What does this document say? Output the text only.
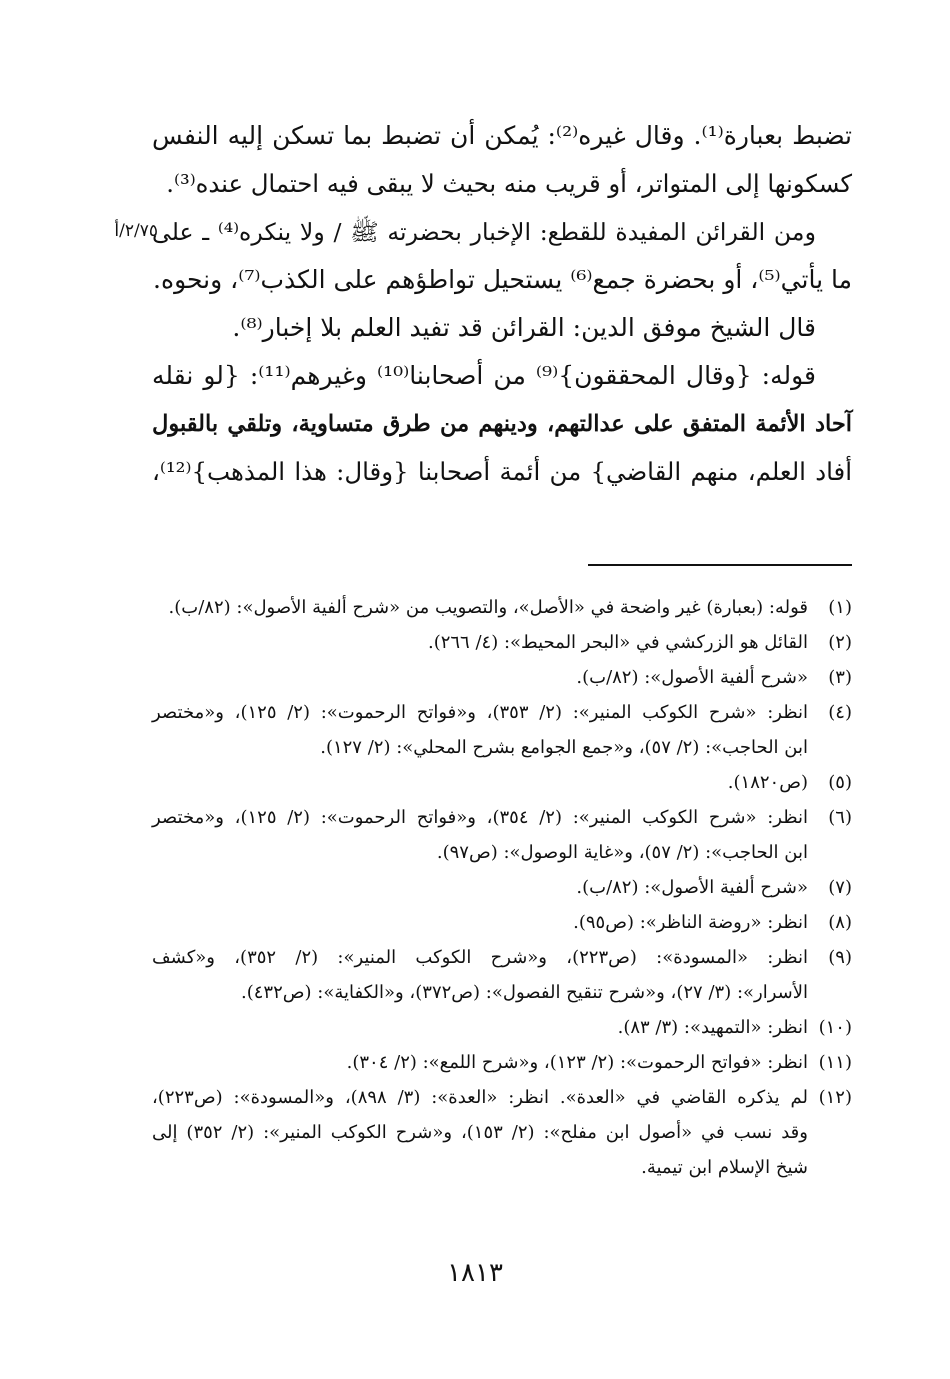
تضبط بعبارة⁽¹⁾. وقال غيره⁽²⁾: يُمكن أن تضبط بما تسكن إليه النفس

كسكونها إلى المتواتر، أو قريب منه بحيث لا يبقى فيه احتمال عنده⁽³⁾.

ومن القرائن المفيدة للقطع: الإخبار بحضرته ﷺ / ولا ينكره⁽⁴⁾ ـ على

ما يأتي⁽⁵⁾، أو بحضرة جمع⁽⁶⁾ يستحيل تواطؤهم على الكذب⁽⁷⁾، ونحوه.

قال الشيخ موفق الدين: القرائن قد تفيد العلم بلا إخبار⁽⁸⁾.

قوله: {وقال المحققون}⁽⁹⁾ من أصحابنا⁽¹⁰⁾ وغيرهم⁽¹¹⁾: {لو نقله

آحاد الأئمة المتفق على عدالتهم، ودينهم من طرق متساوية، وتلقي بالقبول

أفاد العلم، منهم القاضي} من أئمة أصحابنا {وقال: هذا المذهب}⁽¹²⁾،

٢/٧٥/أ
(١)
قوله: (بعبارة) غير واضحة في «الأصل»، والتصويب من «شرح ألفية الأصول»: (٨٢/ب).
(٢)
القائل هو الزركشي في «البحر المحيط»: (٤/ ٢٦٦).
(٣)
«شرح ألفية الأصول»: (٨٢/ب).
(٤)
انظر: «شرح الكوكب المنير»: (٢/ ٣٥٣)، و«فواتح الرحموت»: (٢/ ١٢٥)، و«مختصر
ابن الحاجب»: (٢/ ٥٧)، و«جمع الجوامع بشرح المحلي»: (٢/ ١٢٧).
(٥)
(ص١٨٢٠).
(٦)
انظر: «شرح الكوكب المنير»: (٢/ ٣٥٤)، و«فواتح الرحموت»: (٢/ ١٢٥)، و«مختصر
ابن الحاجب»: (٢/ ٥٧)، و«غاية الوصول»: (ص٩٧).
(٧)
«شرح ألفية الأصول»: (٨٢/ب).
(٨)
انظر: «روضة الناظر»: (ص٩٥).
(٩)
انظر: «المسودة»: (ص٢٢٣)، و«شرح الكوكب المنير»: (٢/ ٣٥٢)، و«كشف
الأسرار»: (٣/ ٢٧)، و«شرح تنقيح الفصول»: (ص٣٧٢)، و«الكفاية»: (ص٤٣٢).
(١٠)
انظر: «التمهيد»: (٣/ ٨٣).
(١١)
انظر: «فواتح الرحموت»: (٢/ ١٢٣)، و«شرح اللمع»: (٢/ ٣٠٤).
(١٢)
لم يذكره القاضي في «العدة». انظر: «العدة»: (٣/ ٨٩٨)، و«المسودة»: (ص٢٢٣)،
وقد نسب في «أصول ابن مفلح»: (٢/ ١٥٣)، و«شرح الكوكب المنير»: (٢/ ٣٥٢) إلى
شيخ الإسلام ابن تيمية.
١٨١٣
